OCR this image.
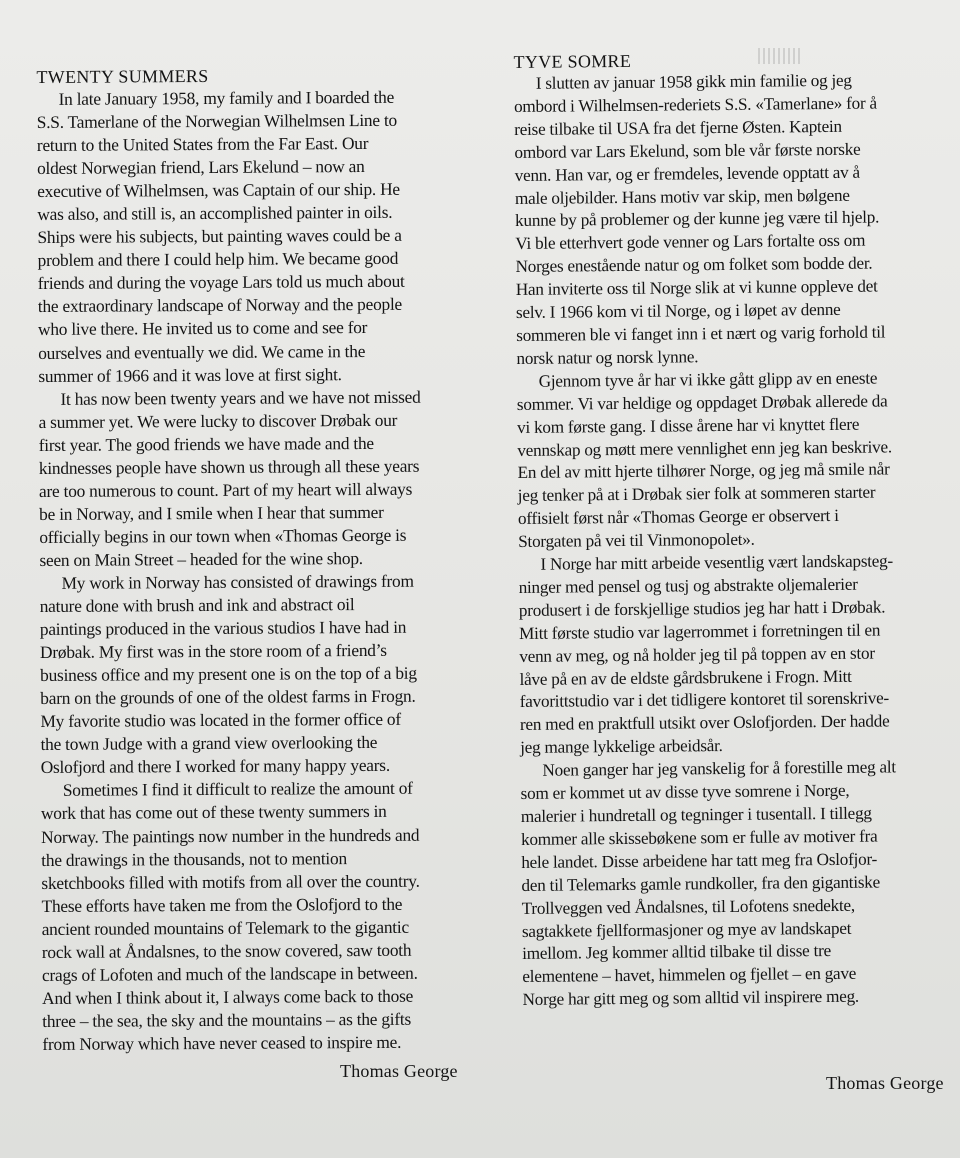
TWENTY SUMMERS
In late January 1958, my family and I boarded the
S.S. Tamerlane of the Norwegian Wilhelmsen Line to
return to the United States from the Far East. Our
oldest Norwegian friend, Lars Ekelund – now an
executive of Wilhelmsen, was Captain of our ship. He
was also, and still is, an accomplished painter in oils.
Ships were his subjects, but painting waves could be a
problem and there I could help him. We became good
friends and during the voyage Lars told us much about
the extraordinary landscape of Norway and the people
who live there. He invited us to come and see for
ourselves and eventually we did. We came in the
summer of 1966 and it was love at first sight.
It has now been twenty years and we have not missed
a summer yet. We were lucky to discover Drøbak our
first year. The good friends we have made and the
kindnesses people have shown us through all these years
are too numerous to count. Part of my heart will always
be in Norway, and I smile when I hear that summer
officially begins in our town when «Thomas George is
seen on Main Street – headed for the wine shop.
My work in Norway has consisted of drawings from
nature done with brush and ink and abstract oil
paintings produced in the various studios I have had in
Drøbak. My first was in the store room of a friend’s
business office and my present one is on the top of a big
barn on the grounds of one of the oldest farms in Frogn.
My favorite studio was located in the former office of
the town Judge with a grand view overlooking the
Oslofjord and there I worked for many happy years.
Sometimes I find it difficult to realize the amount of
work that has come out of these twenty summers in
Norway. The paintings now number in the hundreds and
the drawings in the thousands, not to mention
sketchbooks filled with motifs from all over the country.
These efforts have taken me from the Oslofjord to the
ancient rounded mountains of Telemark to the gigantic
rock wall at Åndalsnes, to the snow covered, saw tooth
crags of Lofoten and much of the landscape in between.
And when I think about it, I always come back to those
three – the sea, the sky and the mountains – as the gifts
from Norway which have never ceased to inspire me.
TYVE SOMRE
I slutten av januar 1958 gikk min familie og jeg
ombord i Wilhelmsen-rederiets S.S. «Tamerlane» for å
reise tilbake til USA fra det fjerne Østen. Kaptein
ombord var Lars Ekelund, som ble vår første norske
venn. Han var, og er fremdeles, levende opptatt av å
male oljebilder. Hans motiv var skip, men bølgene
kunne by på problemer og der kunne jeg være til hjelp.
Vi ble etterhvert gode venner og Lars fortalte oss om
Norges enestående natur og om folket som bodde der.
Han inviterte oss til Norge slik at vi kunne oppleve det
selv. I 1966 kom vi til Norge, og i løpet av denne
sommeren ble vi fanget inn i et nært og varig forhold til
norsk natur og norsk lynne.
Gjennom tyve år har vi ikke gått glipp av en eneste
sommer. Vi var heldige og oppdaget Drøbak allerede da
vi kom første gang. I disse årene har vi knyttet flere
vennskap og møtt mere vennlighet enn jeg kan beskrive.
En del av mitt hjerte tilhører Norge, og jeg må smile når
jeg tenker på at i Drøbak sier folk at sommeren starter
offisielt først når «Thomas George er observert i
Storgaten på vei til Vinmonopolet».
I Norge har mitt arbeide vesentlig vært landskapsteg-
ninger med pensel og tusj og abstrakte oljemalerier
produsert i de forskjellige studios jeg har hatt i Drøbak.
Mitt første studio var lagerrommet i forretningen til en
venn av meg, og nå holder jeg til på toppen av en stor
låve på en av de eldste gårdsbrukene i Frogn. Mitt
favorittstudio var i det tidligere kontoret til sorenskrive-
ren med en praktfull utsikt over Oslofjorden. Der hadde
jeg mange lykkelige arbeidsår.
Noen ganger har jeg vanskelig for å forestille meg alt
som er kommet ut av disse tyve somrene i Norge,
malerier i hundretall og tegninger i tusentall. I tillegg
kommer alle skissebøkene som er fulle av motiver fra
hele landet. Disse arbeidene har tatt meg fra Oslofjor-
den til Telemarks gamle rundkoller, fra den gigantiske
Trollveggen ved Åndalsnes, til Lofotens snedekte,
sagtakkete fjellformasjoner og mye av landskapet
imellom. Jeg kommer alltid tilbake til disse tre
elementene – havet, himmelen og fjellet – en gave
Norge har gitt meg og som alltid vil inspirere meg.
Thomas George
Thomas George
